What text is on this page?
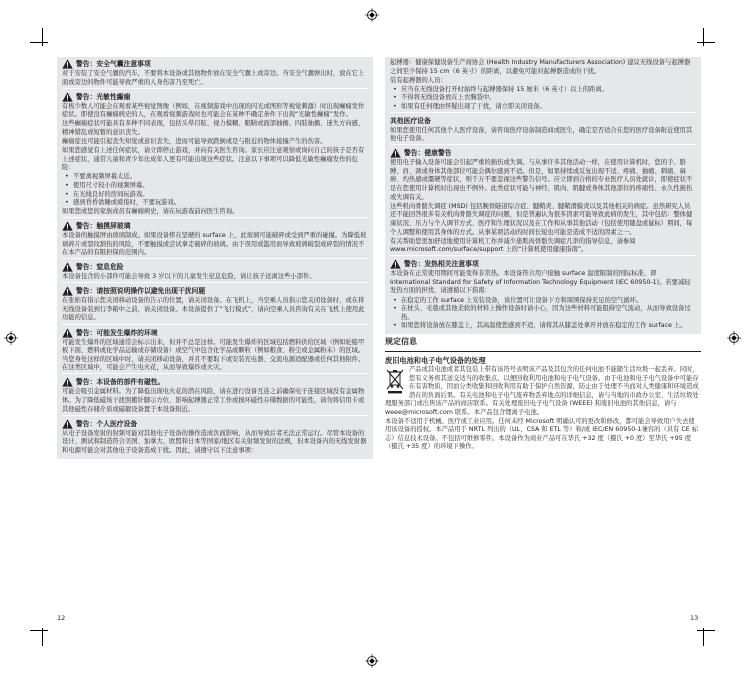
警告：安全气囊注意事项

对于安装了安全气囊的汽车，不要将本设备或其他物件放在安全气囊上或旁边。当安全气囊弹出时，放在它上面或旁边的物件可能导致严重的人身伤害乃至死亡。

警告：光敏性癫痫

有极少数人可能会在观看某些视觉图像（例如，在视频游戏中出现的闪光或图形等视觉刺激）时出现癫痫发作症状。即使没有癫痫病史的人，在观看视频游戏时也可能会在某种不确定条件下出现“光敏性癫痫”发作。

这些癫痫症状可能具有多种不同表现，包括头晕目眩、视力模糊、眼睛或面部抽搐、四肢抽搐、迷失方向感、精神错乱或短暂的意识丧失。

癫痫症也可能引起丧失知觉或意识丧失，进而可能导致跌倒或是与附近的物体接撞产生的伤害。

如果您感觉有上述任何症状，请立即停止游戏，并向有关医生咨询。家长应注意观察或询问自己的孩子是否有上述症状，通常儿童和青少年比成年人更有可能出现这些症状。注意以下事项可以降低光敏性癫痫发作的危险：

• 不要离视频屏幕太近。
• 使用尺寸较小的视频屏幕。
• 在光线良好的房间玩游戏。
• 感到昏昏欲睡或疲倦时，不要玩游戏。

如果您或您的家族成员有癫痫病史，请在玩游戏前向医生咨询。

警告：触摸屏玻璃

本设备的触摸屏由玻璃制成。如果设备摔在坚硬的 surface 上，此玻璃可能破碎或受到严重的碰撞。为降低玻璃碎片或裂纹割伤的风险，不要触摸或尝试拿走破碎的玻璃。由于误用或滥用而导致玻璃破裂或碎裂的情况不在本产品的有限担保的范围内。

警告：窒息危险

本设备包含的小部件可能会导致 3 岁以下的儿童发生窒息危险，请让孩子远离这些小部件。

警告：请按照说明操作以避免出现干扰问题

在张贴有指示您关闭移动设备的告示的位置，请关闭设备。在飞机上，当空乘人员指示您关闭设备时，或在将无线设备装到行李箱中之前，请关闭设备。本设备提供了“飞行模式”，请向空乘人员咨询有关在飞机上使用此功能的信息。

警告：可能发生爆炸的环境

可能发生爆炸的区域通常会标示出来，但并不总是这样。可能发生爆炸的区域包括燃料供给区域（例如轮船甲板下面、燃料或化学品运输或存储设备）或空气中包含化学品或颗粒（例如粮食、粉尘或金属粉末）的区域。当您身处这样的区域中时，请关闭移动设备，并且不要取下或安装充电器、交流电源适配器或任何其他附件。在这类区域中，可能会产生电火花，从而导致爆炸或火灾。

警告：本设备的部件有磁性。

可能会吸引金属材料。为了降低出现电火花的潜在风险，请在进行设备互连之前确保电子连接区域没有金属物体。为了降低磁场干扰照搬针脚示方位、影响起搏器正常工作或损坏磁性存储数据的可能性，请勿将信用卡或其他磁性存储介质或磁敏设备置于本设备附近。

警告：个人医疗设备

从电子设备发射的射频可能对其他电子设备的操作造成负面影响，从而导致后者无法正常运行。尽管本设备的设计、测试和制造符合美国、加拿大、欧盟和日本等国家/地区有关射频发射的法规，但本设备内的无线发射器和电源可能会对其他电子设备造成干扰。因此，请遵守以下注意事项：

起搏器：健康保健设备生产商协会 (Health Industry Manufacturers Association) 建议无线设备与起搏器之间至少保持 15 cm（6 英寸）的距离，以避免可能对起搏器造成的干扰。

装有起搏器的人员：

• 应当在无线设备打开时始终与起搏器保持 15 厘米（6 英寸）以上的距离。
• 不得将无线设备放在上衣胸袋中。
• 如果有任何理由怀疑出现了干扰，请立即关闭设备。
其他医疗设备

如果您使用任何其他个人医疗设备，请咨询医疗设备制造商或医生，确定是否适合在您的医疗设备附近使用其他电子设备。

警告：健康警告

使用电子输入设备可能会引起严重的损伤或失调。与从事许多其他活动一样，在使用计算机时，您的手、胳膊、肩、颈或身体其他部位可能会偶尔感到不适。但是，如果持续或反复出现不适、疼痛、抽痛、刺痛、麻痹、灼热感或僵硬等症状，则千万不要忽视这些警告信号。应立即到合格的专业医疗人员处就诊，即使症状不是在您使用计算机时出现也不例外。此类症状可能与神经、肌肉、肌腱或身体其他部位的疼痛性、永久性损伤或失调有关。

这些机肉骨骼失调症 (MSD) 包括腕骨隧道综合症、腱鞘炎、腱鞘滑膜炎以及其他相关的病症。虽然研究人员还不能回答很多有关机肉骨骼失调症的问题，但是普遍认为很多因素可能导致此病的发生，其中包括：整体健康状况、压力与个人调节方式、医疗和生理状况以及在工作和从事其他活动（包括使用键盘或鼠标）期间，每个人调整和使用其身体的方式。从事某项活动的时间长短也可能是造成不适的因素之一。

有关帮助您更加舒适地使用计算机工作并减少患肌肉骨骼失调症几率的指导信息，请参阅 www.microsoft.com/surface/support 上的“计算机使用健康指南”。

警告：发热相关注意事项

本设备在正常使用期间可能变得非常热。本设备符合用户接触 surface 温度限制的国际标准，即 International Standard for Safety of Information Technology Equipment (IEC 60950-1)。若要减轻发热方面的担忧，请遵循以下指南：

• 在稳定的工作 surface 上安装设备，该位置可让设备下方和周围保持充足的空气循环。
• 在枕头、毛毯或其他柔软的材料上操作设备时请小心，因为这些材料可能阻碍空气流动，从而导致设备过热。
• 如果您将设备放在膝盖上，其高温使您感到不适，请将其从膝盖处拿开并放在稳定的工作 surface 上。
规定信息
废旧电池和电子电气设备的处理

产品或其电池或者其包装上带有该符号表明该产品及其包含的任何电池不能随生活垃圾一起丢弃。同时，您有义务将其送交适当的收集点，以便回收利用电池和电子电气设备。由于电池和电子电气设备中可能存在有害物质，因而分类收集和回收利用有助于保护自然资源，防止由于处理不当而对人类健康和环境造成潜在的负面后果。有关电池和电子电气废弃物丢弃地点的详细信息，请与当地的市政办公室、生活垃圾处理服务部门或出售该产品的商店联系。有关处理废旧电子电气设备 (WEEE) 和废旧电池的其他信息，请与 weee@microsoft.com 联系。本产品包含锂离子电池。

本设备不适用于机械、医疗或工业应用。任何未经 Microsoft 明确认可的更改和修改，都可能会导致用户失去使用该设备的授权。本产品用于 NRTL 列出的（UL、CSA 和 ETL 等）和/或 IEC/EN 60950-1兼容的（具有 CE 标志）信息技术设备。不包括可维修零件。本设备作为商业产品可在华氏 +32 度（摄氏 +0 度）至华氏 +95 度（摄氏 +35 度）的环境下操作。

12	13
